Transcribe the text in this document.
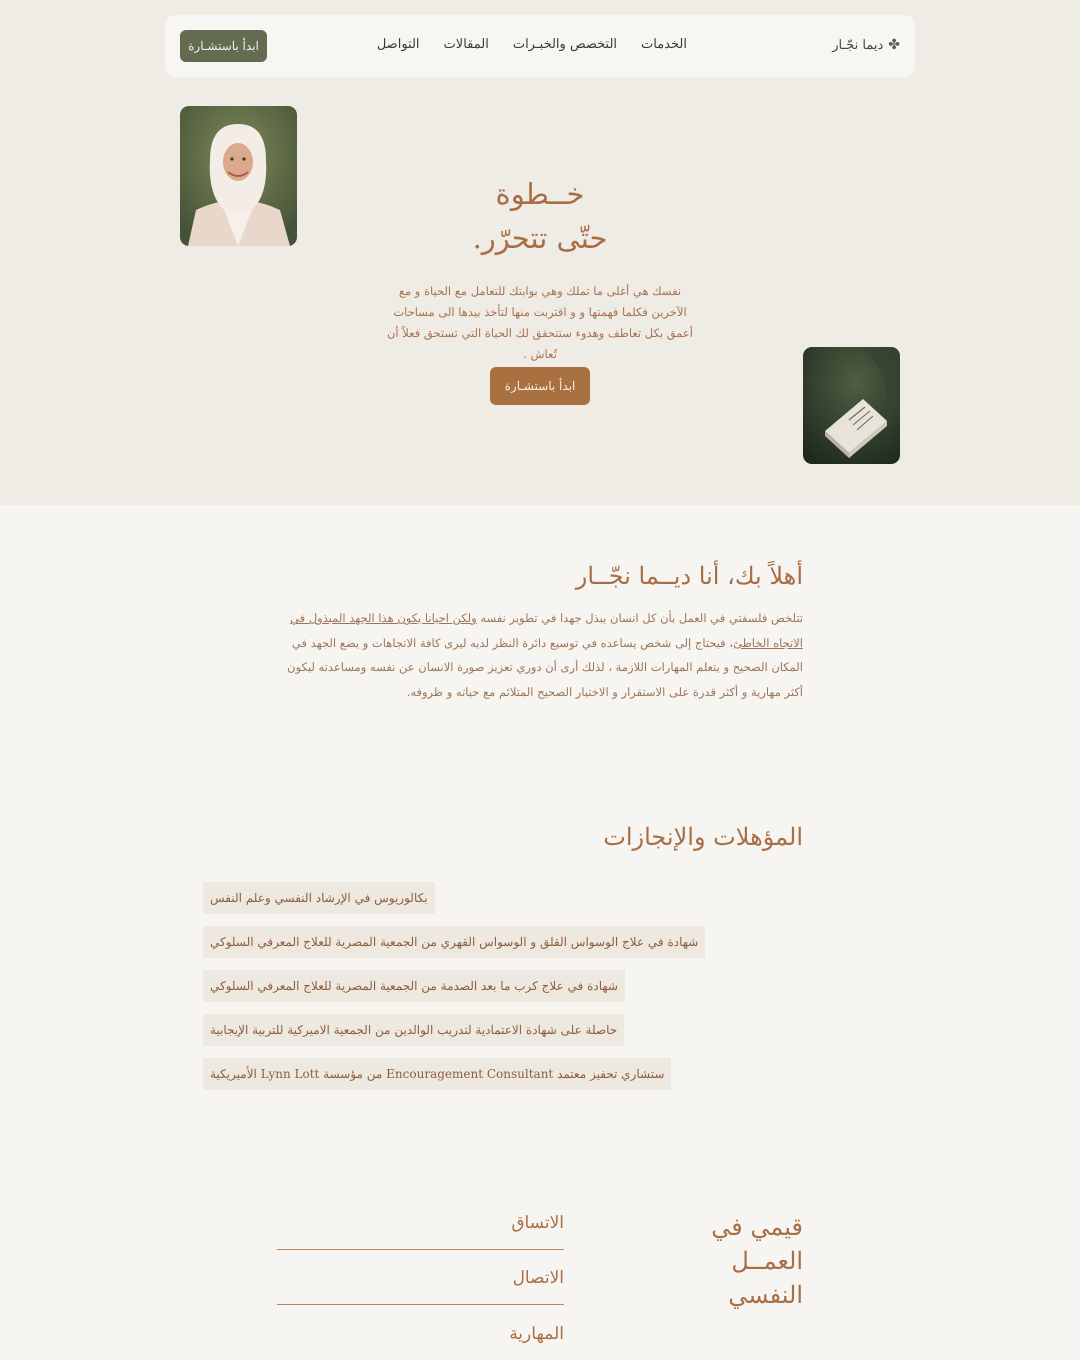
✤
ديما نجّـار
الخدمات
التخصص والخبـرات
المقالات
التواصل
ابدأ باستشـارة
خــطوة
حتّى تتحرّر.

نفسك هي أغلى ما تملك وهي بوابتك للتعامل مع الحياة و مع الآخرين فكلما فهمتها و و اقتربت منها لتأخذ بيدها الى مساحات أعمق بكل تعاطف وهدوء ستتحقق لك الحياة التي تستحق فعلاً أن تُعاش .

ابدأ باستشـارة
أهلاً بك، أنا ديــما نجّــار

تتلخص فلسفتي في العمل بأن كل انسان يبذل جهدا في تطوير نفسه ولكن احيانا يكون هذا الجهد المبذول في الاتجاه الخاطئ، فيحتاج إلى شخص يساعده في توسيع دائرة النظر لديه ليرى كافة الاتجاهات و يضع الجهد في المكان الصحيح و يتعلم المهارات اللازمة ، لذلك أرى أن دوري تعزيز صورة الانسان عن نفسه ومساعدته ليكون أكثر مهارية و أكثر قدرة على الاستقرار و الاختيار الصحيح المتلائم مع حياته و ظروفه.

المؤهلات والإنجازات
بكالوريوس في الإرشاد النفسي وعلم النفس
شهادة في علاج الوسواس القلق و الوسواس القهري من الجمعية المصرية للعلاج المعرفي السلوكي
شهادة في علاج كرب ما بعد الصدمة من الجمعية المصرية للعلاج المعرفي السلوكي
حاصلة على شهادة الاعتمادية لتدريب الوالدين من الجمعية الاميركية للتربية الإيجابية
ستشاري تحفيز معتمد Encouragement Consultant من مؤسسة Lynn Lott الأميريكية
قيمي في العمــل النفسي
الاتساق
الاتصال
المهارية
